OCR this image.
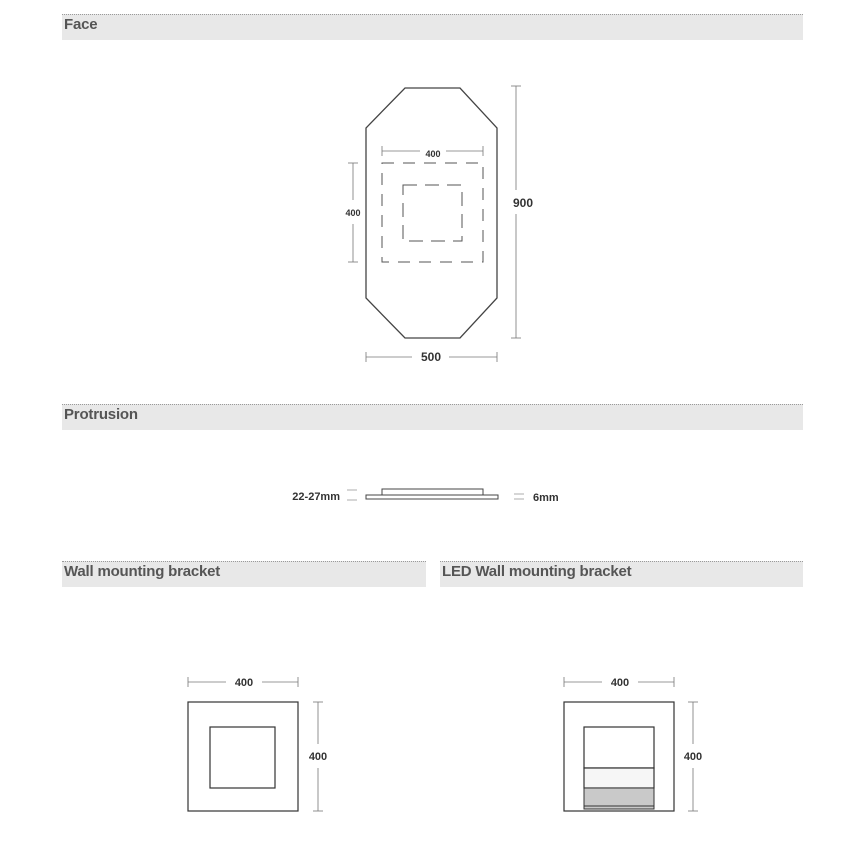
Face
Protrusion
Wall mounting bracket	LED Wall mounting bracket
400
400
900
500
22-27mm	6mm
400
400
400
400
